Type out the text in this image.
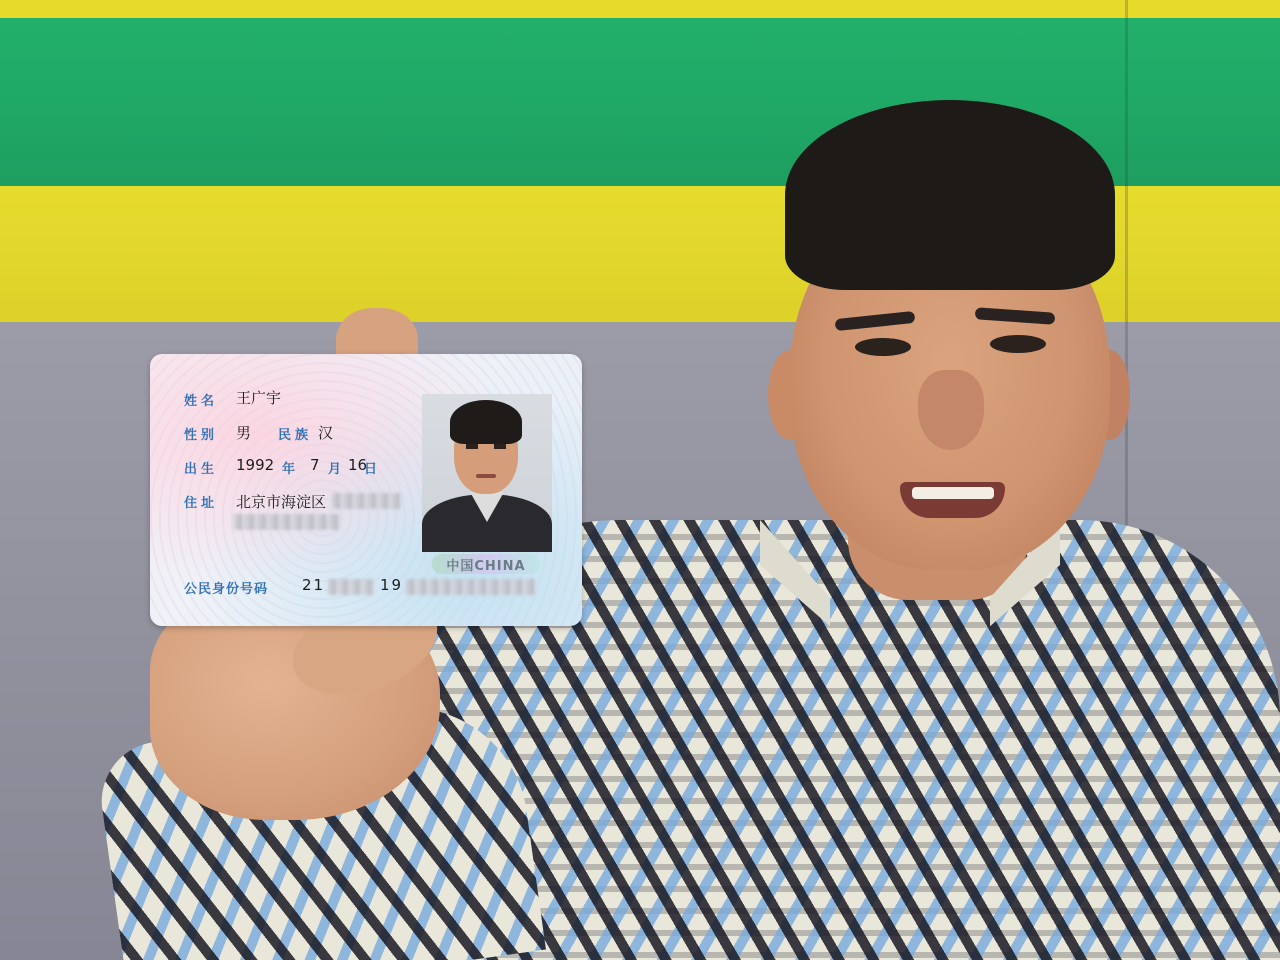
姓名 王广宇
性别 男 民族 汉
出生 1992 年 7 月 16
日
住址 北京市海淀区
中国CHINA
公民身份号码 21	19
